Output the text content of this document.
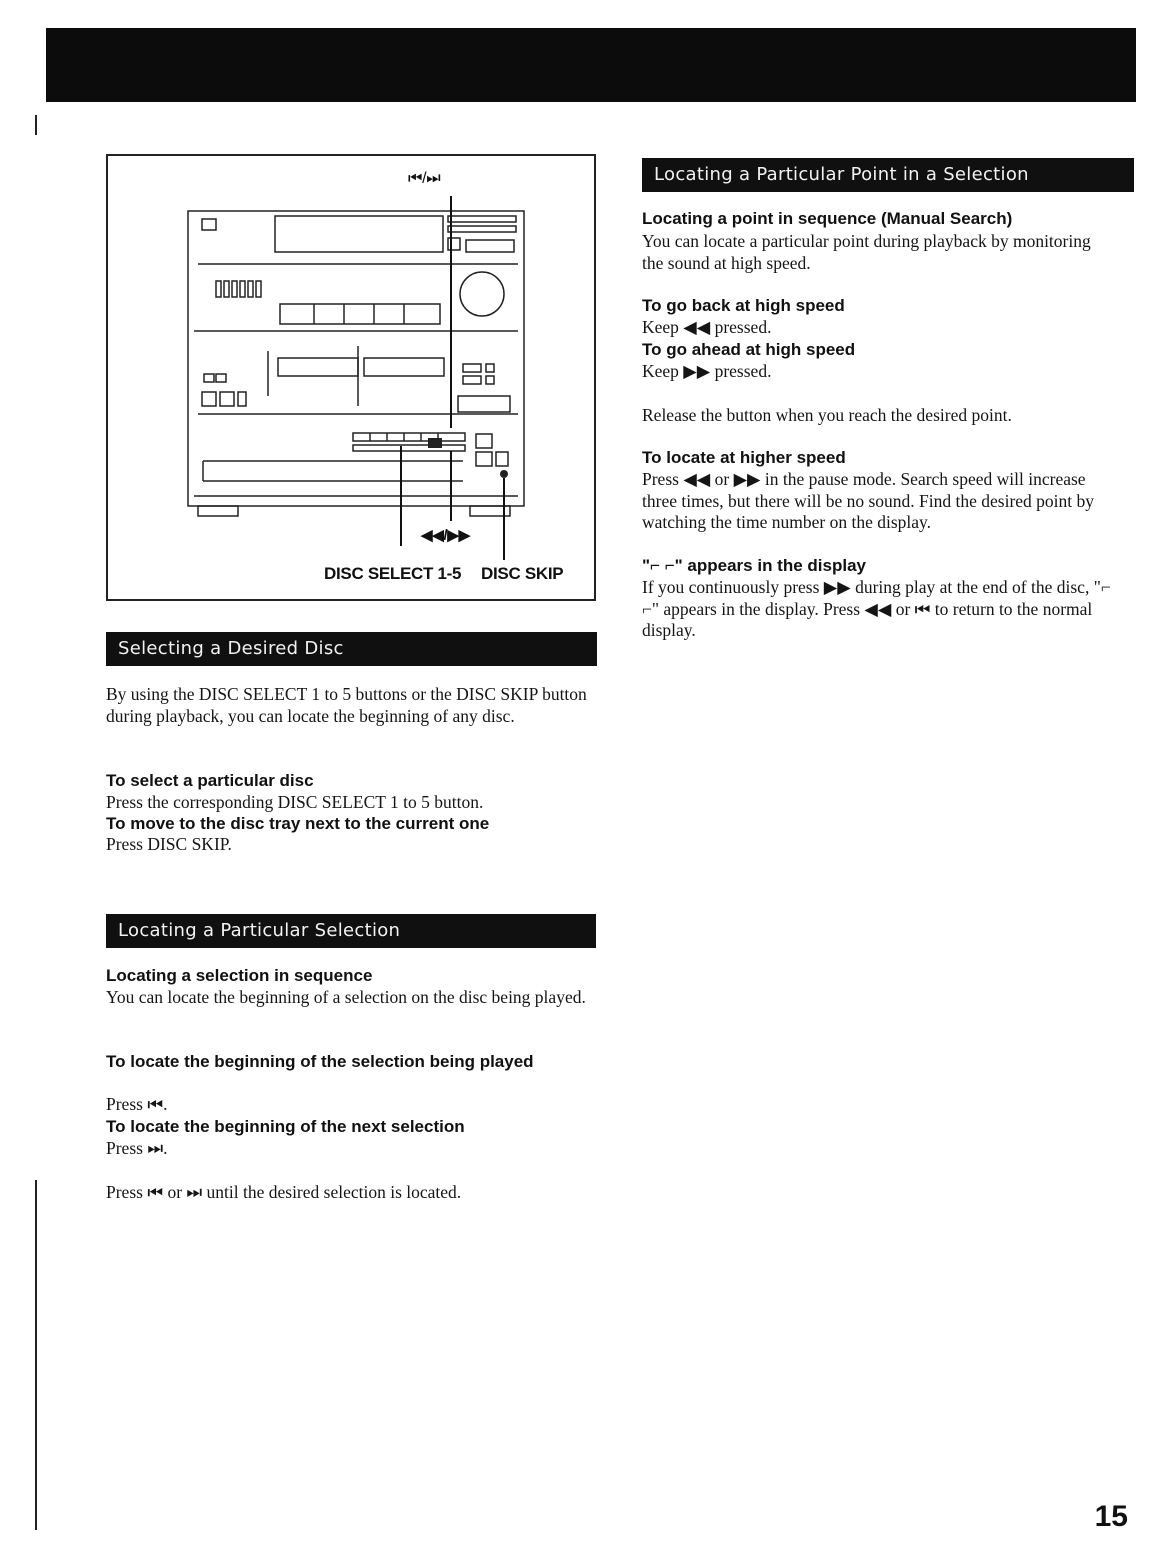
⏮/⏭
◀◀/▶▶
DISC SELECT 1-5 DISC SKIP
Selecting a Desired Disc
By using the DISC SELECT 1 to 5 buttons or the DISC SKIP button during playback, you can locate the beginning of any disc.
To select a particular disc
Press the corresponding DISC SELECT 1 to 5 button.
To move to the disc tray next to the current one
Press DISC SKIP.
Locating a Particular Selection
Locating a selection in sequence
You can locate the beginning of a selection on the disc being played.
To locate the beginning of the selection being played
Press ⏮.
To locate the beginning of the next selection
Press ⏭.
Press ⏮ or ⏭ until the desired selection is located.
Locating a Particular Point in a Selection
Locating a point in sequence (Manual Search)
You can locate a particular point during playback by monitoring the sound at high speed.
To go back at high speed
Keep ◀◀ pressed.
To go ahead at high speed
Keep ▶▶ pressed.
Release the button when you reach the desired point.
To locate at higher speed
Press ◀◀ or ▶▶ in the pause mode. Search speed will increase three times, but there will be no sound. Find the desired point by watching the time number on the display.
"⌐ ⌐" appears in the display
If you continuously press ▶▶ during play at the end of the disc, "⌐ ⌐" appears in the display. Press ◀◀ or ⏮ to return to the normal display.
15
